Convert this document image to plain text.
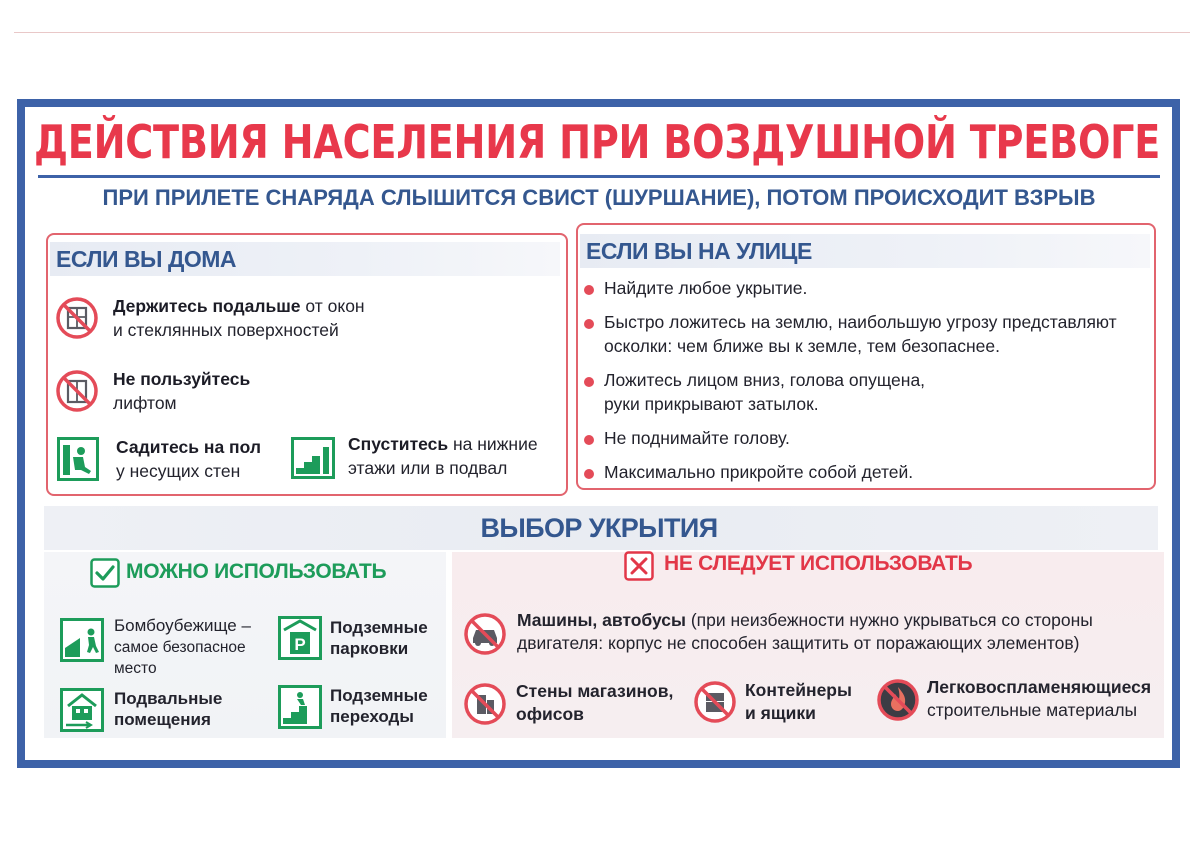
ДЕЙСТВИЯ НАСЕЛЕНИЯ ПРИ ВОЗДУШНОЙ ТРЕВОГЕ
ПРИ ПРИЛЕТЕ СНАРЯДА СЛЫШИТСЯ СВИСТ (ШУРШАНИЕ), ПОТОМ ПРОИСХОДИТ ВЗРЫВ
ЕСЛИ ВЫ ДОМА
Держитесь подальше от окон
и стеклянных поверхностей
Не пользуйтесь
лифтом
Садитесь на пол
у несущих стен
Спуститесь на нижние
этажи или в подвал
ЕСЛИ ВЫ НА УЛИЦЕ
Найдите любое укрытие.
Быстро ложитесь на землю, наибольшую угрозу представляют
осколки: чем ближе вы к земле, тем безопаснее.
Ложитесь лицом вниз, голова опущена,
руки прикрывают затылок.
Не поднимайте голову.
Максимально прикройте собой детей.
ВЫБОР УКРЫТИЯ
МОЖНО ИСПОЛЬЗОВАТЬ	НЕ СЛЕДУЕТ ИСПОЛЬЗОВАТЬ
Бомбоубежище –
самое безопасное
место
P
Подземные
парковки
Подвальные
помещения
Подземные
переходы
Машины, автобусы (при неизбежности нужно укрываться со стороны
двигателя: корпус не способен защитить от поражающих элементов)
Стены магазинов,
офисов
Контейнеры
и ящики
Легковоспламеняющиеся
строительные материалы
